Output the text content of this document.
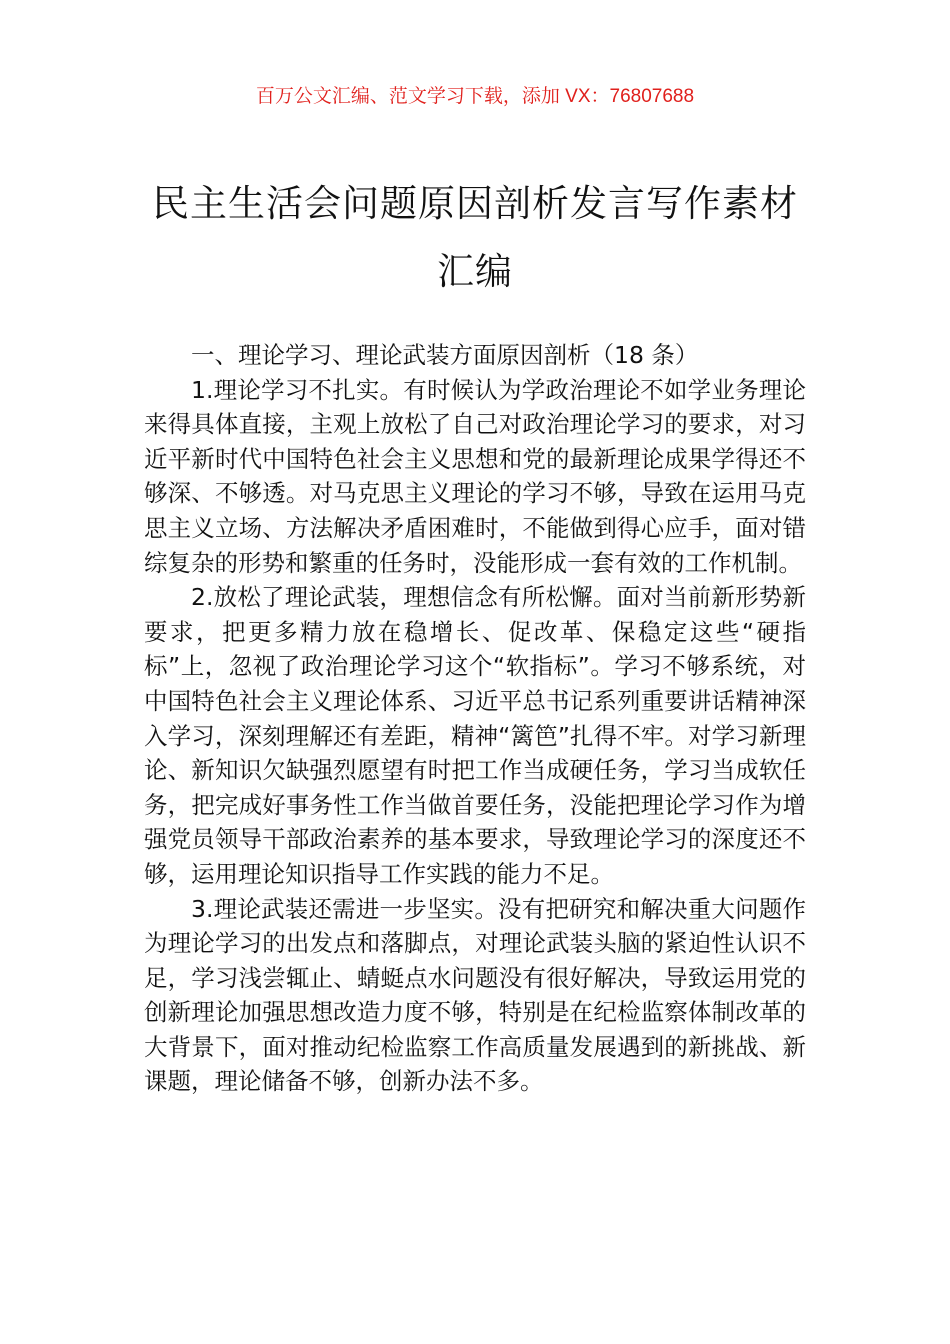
百万公文汇编、范文学习下载，添加 VX：76807688
民主生活会问题原因剖析发言写作素材汇编

一、理论学习、理论武装方面原因剖析（18 条）

1.理论学习不扎实。有时候认为学政治理论不如学业务理论来得具体直接，主观上放松了自己对政治理论学习的要求，对习近平新时代中国特色社会主义思想和党的最新理论成果学得还不够深、不够透。对马克思主义理论的学习不够，导致在运用马克思主义立场、方法解决矛盾困难时，不能做到得心应手，面对错综复杂的形势和繁重的任务时，没能形成一套有效的工作机制。

2.放松了理论武装，理想信念有所松懈。面对当前新形势新要求，把更多精力放在稳增长、促改革、保稳定这些“硬指标”上，忽视了政治理论学习这个“软指标”。学习不够系统，对中国特色社会主义理论体系、习近平总书记系列重要讲话精神深入学习，深刻理解还有差距，精神“篱笆”扎得不牢。对学习新理论、新知识欠缺强烈愿望有时把工作当成硬任务，学习当成软任务，把完成好事务性工作当做首要任务，没能把理论学习作为增强党员领导干部政治素养的基本要求，导致理论学习的深度还不够，运用理论知识指导工作实践的能力不足。

3.理论武装还需进一步坚实。没有把研究和解决重大问题作为理论学习的出发点和落脚点，对理论武装头脑的紧迫性认识不足，学习浅尝辄止、蜻蜓点水问题没有很好解决，导致运用党的创新理论加强思想改造力度不够，特别是在纪检监察体制改革的大背景下，面对推动纪检监察工作高质量发展遇到的新挑战、新课题，理论储备不够，创新办法不多。
